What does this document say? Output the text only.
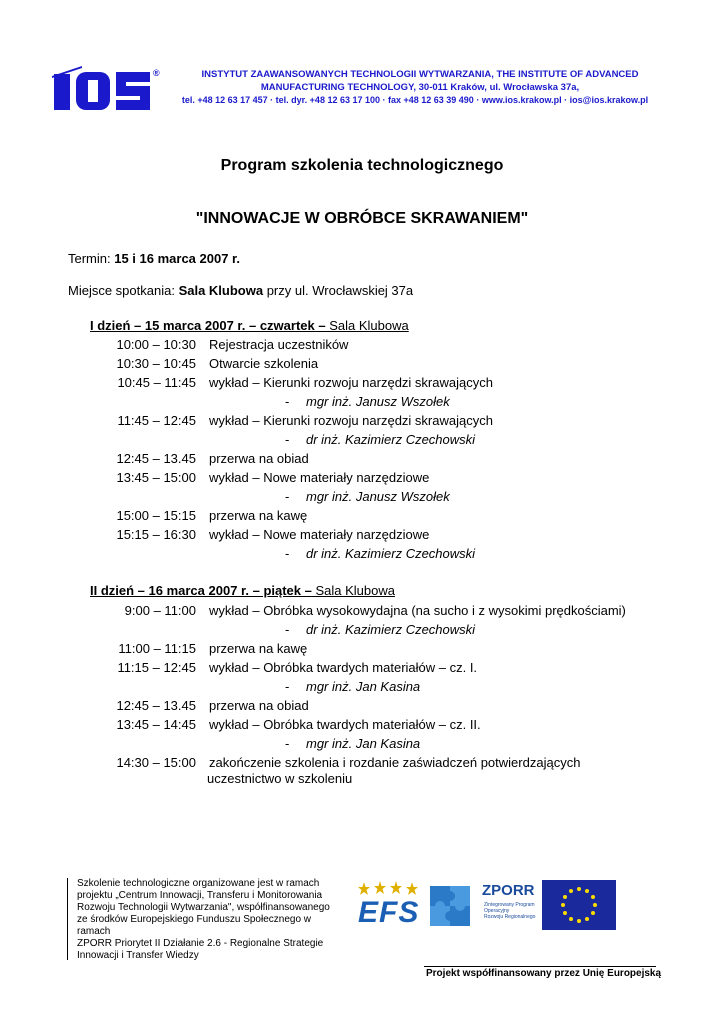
®	INSTYTUT ZAAWANSOWANYCH TECHNOLOGII WYTWARZANIA, THE INSTITUTE OF ADVANCED
MANUFACTURING TECHNOLOGY, 30-011 Kraków, ul. Wrocławska 37a,
tel. +48 12 63 17 457 · tel. dyr. +48 12 63 17 100 · fax +48 12 63 39 490 · www.ios.krakow.pl · ios@ios.krakow.pl
Program szkolenia technologicznego
"INNOWACJE W OBRÓBCE SKRAWANIEM"
Termin: 15 i 16 marca 2007 r.
Miejsce spotkania: Sala Klubowa przy ul. Wrocławskiej 37a
I dzień – 15 marca 2007 r. – czwartek – Sala Klubowa
10:00 – 10:30 Rejestracja uczestników
10:30 – 10:45 Otwarcie szkolenia
10:45 – 11:45 wykład – Kierunki rozwoju narzędzi skrawających
- mgr inż. Janusz Wszołek
11:45 – 12:45 wykład – Kierunki rozwoju narzędzi skrawających
- dr inż. Kazimierz Czechowski
12:45 – 13.45 przerwa na obiad
13:45 – 15:00 wykład – Nowe materiały narzędziowe
- mgr inż. Janusz Wszołek
15:00 – 15:15 przerwa na kawę
15:15 – 16:30 wykład – Nowe materiały narzędziowe
- dr inż. Kazimierz Czechowski
II dzień – 16 marca 2007 r. – piątek – Sala Klubowa
9:00 – 11:00 wykład – Obróbka wysokowydajna (na sucho i z wysokimi prędkościami)
- dr inż. Kazimierz Czechowski
11:00 – 11:15 przerwa na kawę
11:15 – 12:45 wykład – Obróbka twardych materiałów – cz. I.
- mgr inż. Jan Kasina
12:45 – 13.45 przerwa na obiad
13:45 – 14:45 wykład – Obróbka twardych materiałów – cz. II.
- mgr inż. Jan Kasina
14:30 – 15:00 zakończenie szkolenia i rozdanie zaświadczeń potwierdzających
uczestnictwo w szkoleniu
Szkolenie technologiczne organizowane jest w ramach
projektu „Centrum Innowacji, Transferu i Monitorowania
Rozwoju Technologii Wytwarzania", współfinansowanego
ze środków Europejskiego Funduszu Społecznego w ramach
ZPORR Priorytet II Działanie 2.6 - Regionalne Strategie
Innowacji i Transfer Wiedzy
EFS
ZPORR
Zintegrowany Program
Operacyjny
Rozwoju Regionalnego
Projekt współfinansowany przez Unię Europejską
